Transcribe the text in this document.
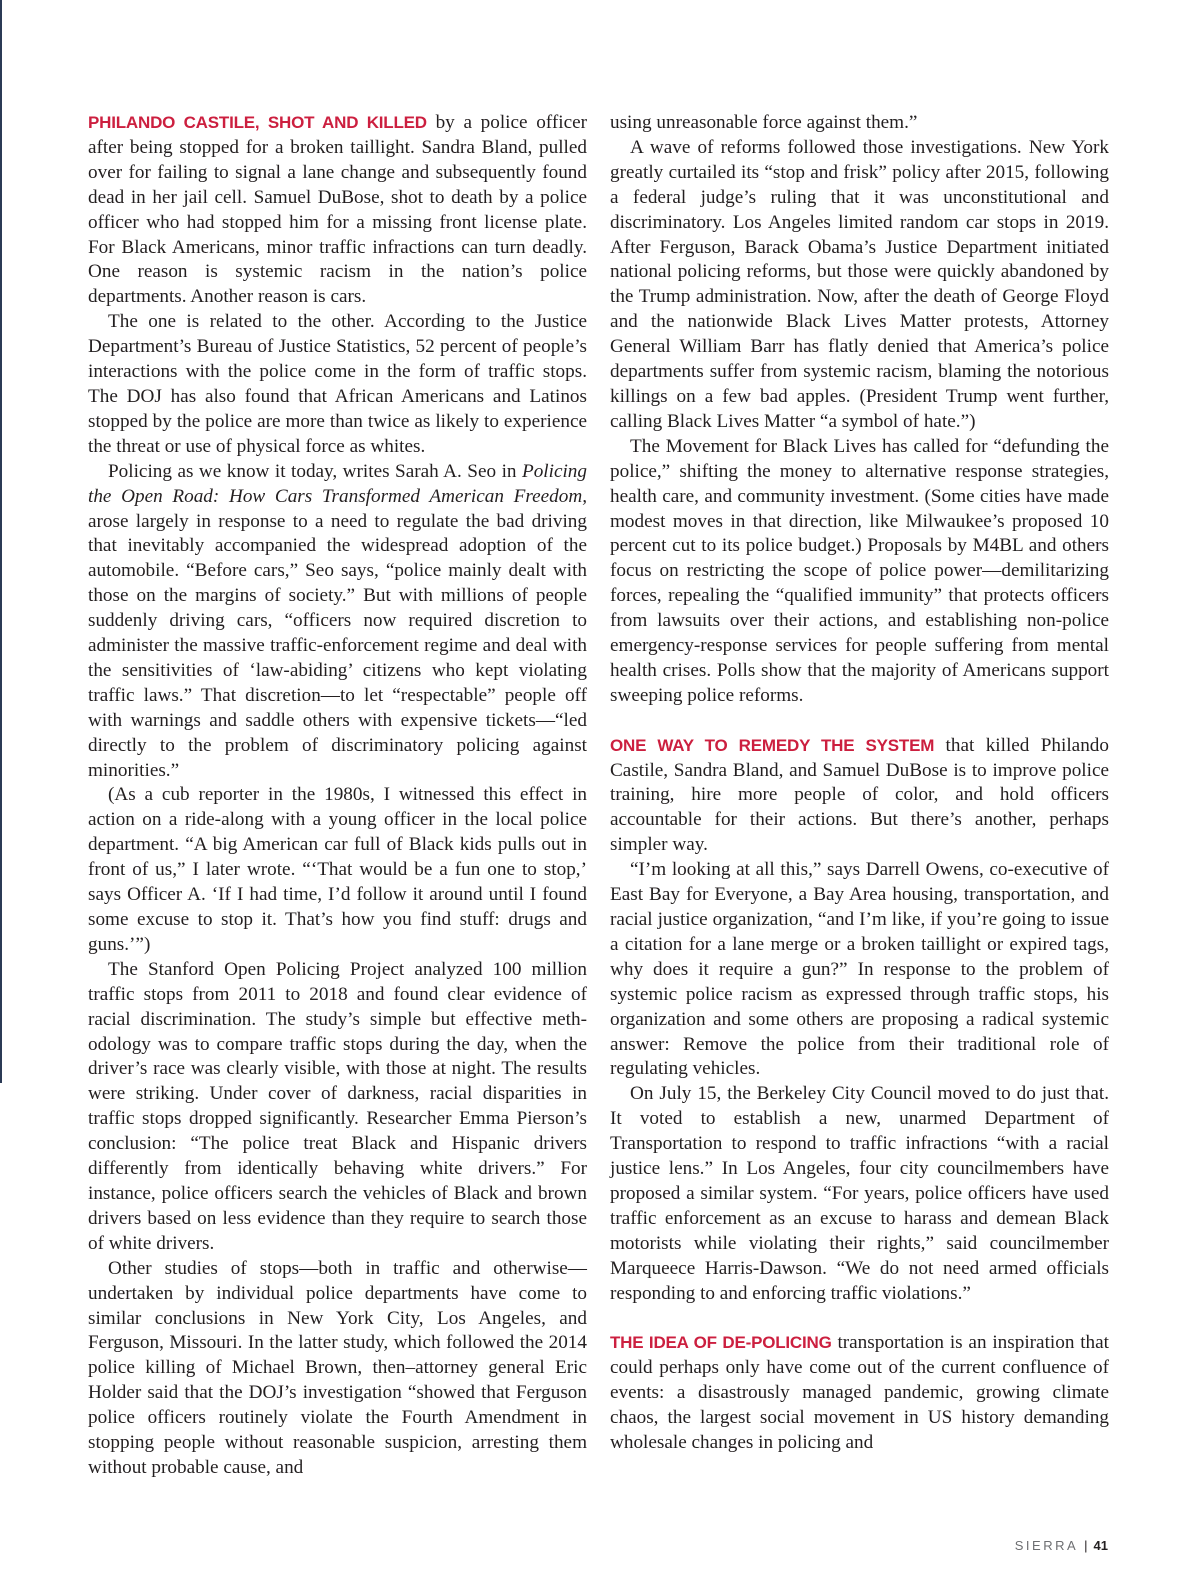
PHILANDO CASTILE, SHOT AND KILLED by a police officer after being stopped for a broken taillight. Sandra Bland, pulled over for failing to signal a lane change and subsequently found dead in her jail cell. Samuel DuBose, shot to death by a police officer who had stopped him for a missing front license plate. For Black Americans, minor traffic infractions can turn deadly. One reason is systemic racism in the nation’s police departments. Another reason is cars.

The one is related to the other. According to the Justice Department’s Bureau of Justice Statistics, 52 percent of people’s interactions with the police come in the form of traffic stops. The DOJ has also found that African Americans and Latinos stopped by the police are more than twice as likely to experience the threat or use of physical force as whites.

Policing as we know it today, writes Sarah A. Seo in Policing the Open Road: How Cars Transformed American Freedom, arose largely in response to a need to regulate the bad driving that inevitably accompanied the widespread adoption of the automobile. “Before cars,” Seo says, “police mainly dealt with those on the margins of society.” But with millions of people suddenly driving cars, “officers now required discretion to administer the massive traffic-enforcement regime and deal with the sensitivities of ‘law-abiding’ citizens who kept violating traffic laws.” That discretion—to let “respectable” people off with warnings and saddle others with expensive tickets—“led directly to the problem of discriminatory policing against minorities.”

(As a cub reporter in the 1980s, I witnessed this effect in action on a ride-along with a young officer in the local police department. “A big American car full of Black kids pulls out in front of us,” I later wrote. “‘That would be a fun one to stop,’ says Officer A. ‘If I had time, I’d follow it around until I found some excuse to stop it. That’s how you find stuff: drugs and guns.’”)

The Stanford Open Policing Project analyzed 100 million traffic stops from 2011 to 2018 and found clear evidence of racial discrimination. The study’s simple but effective methodology was to compare traffic stops during the day, when the driver’s race was clearly visible, with those at night. The results were striking. Under cover of darkness, racial disparities in traffic stops dropped significantly. Researcher Emma Pierson’s conclusion: “The police treat Black and Hispanic drivers differently from identically behaving white drivers.” For instance, police officers search the vehicles of Black and brown drivers based on less evidence than they require to search those of white drivers.

Other studies of stops—both in traffic and otherwise—undertaken by individual police departments have come to similar conclusions in New York City, Los Angeles, and Ferguson, Missouri. In the latter study, which followed the 2014 police killing of Michael Brown, then–attorney general Eric Holder said that the DOJ’s investigation “showed that Ferguson police officers routinely violate the Fourth Amendment in stopping people without reasonable suspicion, arresting them without probable cause, and

using unreasonable force against them.”

A wave of reforms followed those investigations. New York greatly curtailed its “stop and frisk” policy after 2015, following a federal judge’s ruling that it was unconstitutional and discriminatory. Los Angeles limited random car stops in 2019. After Ferguson, Barack Obama’s Justice Department initiated national policing reforms, but those were quickly abandoned by the Trump administration. Now, after the death of George Floyd and the nationwide Black Lives Matter protests, Attorney General William Barr has flatly denied that America’s police departments suffer from systemic racism, blaming the notorious killings on a few bad apples. (President Trump went further, calling Black Lives Matter “a symbol of hate.”)

The Movement for Black Lives has called for “defunding the police,” shifting the money to alternative response strategies, health care, and community investment. (Some cities have made modest moves in that direction, like Milwaukee’s proposed 10 percent cut to its police budget.) Proposals by M4BL and others focus on restricting the scope of police power—demilitarizing forces, repealing the “qualified immunity” that protects officers from lawsuits over their actions, and establishing non-police emergency-response services for people suffering from mental health crises. Polls show that the majority of Americans support sweeping police reforms.

ONE WAY TO REMEDY THE SYSTEM that killed Philando Castile, Sandra Bland, and Samuel DuBose is to improve police training, hire more people of color, and hold officers accountable for their actions. But there’s another, perhaps simpler way.

“I’m looking at all this,” says Darrell Owens, co-executive of East Bay for Everyone, a Bay Area housing, transportation, and racial justice organization, “and I’m like, if you’re going to issue a citation for a lane merge or a broken taillight or expired tags, why does it require a gun?” In response to the problem of systemic police racism as expressed through traffic stops, his organization and some others are proposing a radical systemic answer: Remove the police from their traditional role of regulating vehicles.

On July 15, the Berkeley City Council moved to do just that. It voted to establish a new, unarmed Department of Transportation to respond to traffic infractions “with a racial justice lens.” In Los Angeles, four city councilmembers have proposed a similar system. “For years, police officers have used traffic enforcement as an excuse to harass and demean Black motorists while violating their rights,” said councilmember Marqueece Harris-Dawson. “We do not need armed officials responding to and enforcing traffic violations.”

THE IDEA OF DE-POLICING transportation is an inspiration that could perhaps only have come out of the current confluence of events: a disastrously managed pandemic, growing climate chaos, the largest social movement in US history demanding wholesale changes in policing and

SIERRA | 41
